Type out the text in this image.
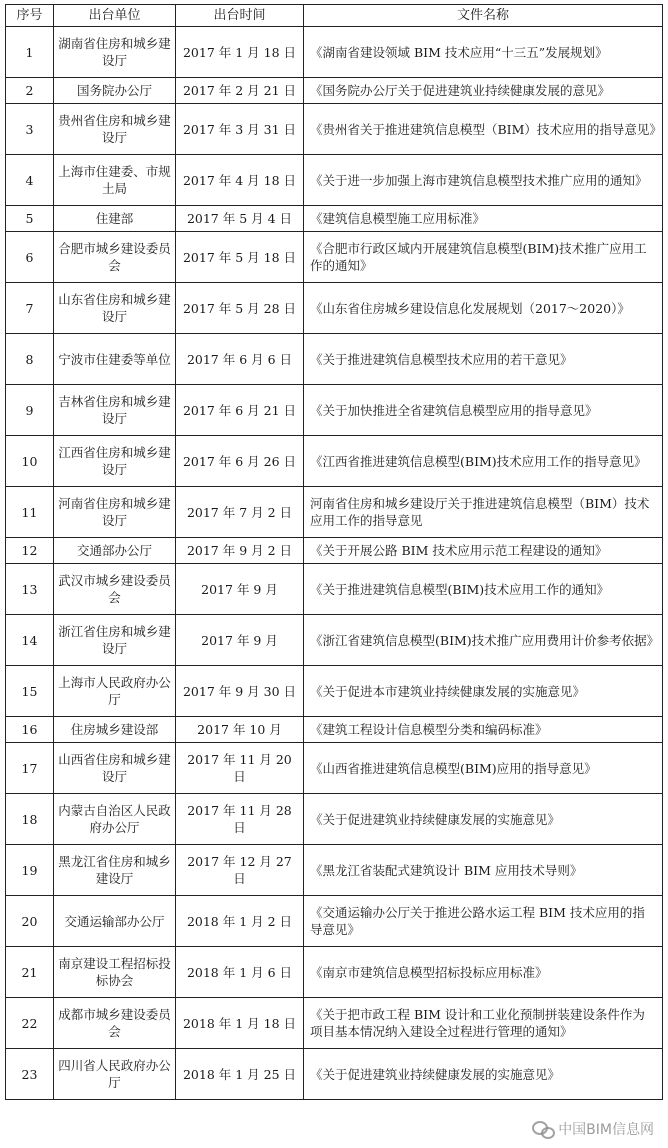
序号	出台单位	出台时间	文件名称
1	湖南省住房和城乡建设厅	2017 年 1 月 18 日	《湖南省建设领域 BIM 技术应用“十三五”发展规划》
2	国务院办公厅	2017 年 2 月 21 日	《国务院办公厅关于促进建筑业持续健康发展的意见》
3	贵州省住房和城乡建设厅	2017 年 3 月 31 日	《贵州省关于推进建筑信息模型（BIM）技术应用的指导意见》
4	上海市住建委、市规土局	2017 年 4 月 18 日	《关于进一步加强上海市建筑信息模型技术推广应用的通知》
5	住建部	2017 年 5 月 4 日	《建筑信息模型施工应用标准》
6	合肥市城乡建设委员会	2017 年 5 月 18 日	《合肥市行政区域内开展建筑信息模型(BIM)技术推广应用工作的通知》
7	山东省住房和城乡建设厅	2017 年 5 月 28 日	《山东省住房城乡建设信息化发展规划（2017～2020）》
8	宁波市住建委等单位	2017 年 6 月 6 日	《关于推进建筑信息模型技术应用的若干意见》
9	吉林省住房和城乡建设厅	2017 年 6 月 21 日	《关于加快推进全省建筑信息模型应用的指导意见》
10	江西省住房和城乡建设厅	2017 年 6 月 26 日	《江西省推进建筑信息模型(BIM)技术应用工作的指导意见》
11	河南省住房和城乡建设厅	2017 年 7 月 2 日	河南省住房和城乡建设厅关于推进建筑信息模型（BIM）技术应用工作的指导意见
12	交通部办公厅	2017 年 9 月 2 日	《关于开展公路 BIM 技术应用示范工程建设的通知》
13	武汉市城乡建设委员会	2017 年 9 月	《关于推进建筑信息模型(BIM)技术应用工作的通知》
14	浙江省住房和城乡建设厅	2017 年 9 月	《浙江省建筑信息模型(BIM)技术推广应用费用计价参考依据》
15	上海市人民政府办公厅	2017 年 9 月 30 日	《关于促进本市建筑业持续健康发展的实施意见》
16	住房城乡建设部	2017 年 10 月	《建筑工程设计信息模型分类和编码标准》
17	山西省住房和城乡建设厅	2017 年 11 月 20 日	《山西省推进建筑信息模型(BIM)应用的指导意见》
18	内蒙古自治区人民政府办公厅	2017 年 11 月 28 日	《关于促进建筑业持续健康发展的实施意见》
19	黑龙江省住房和城乡建设厅	2017 年 12 月 27 日	《黑龙江省装配式建筑设计 BIM 应用技术导则》
20	交通运输部办公厅	2018 年 1 月 2 日	《交通运输办公厅关于推进公路水运工程 BIM 技术应用的指导意见》
21	南京建设工程招标投标协会	2018 年 1 月 6 日	《南京市建筑信息模型招标投标应用标准》
22	成都市城乡建设委员会	2018 年 1 月 18 日	《关于把市政工程 BIM 设计和工业化预制拼装建设条件作为项目基本情况纳入建设全过程进行管理的通知》
23	四川省人民政府办公厅	2018 年 1 月 25 日	《关于促进建筑业持续健康发展的实施意见》
中国BIM信息网
